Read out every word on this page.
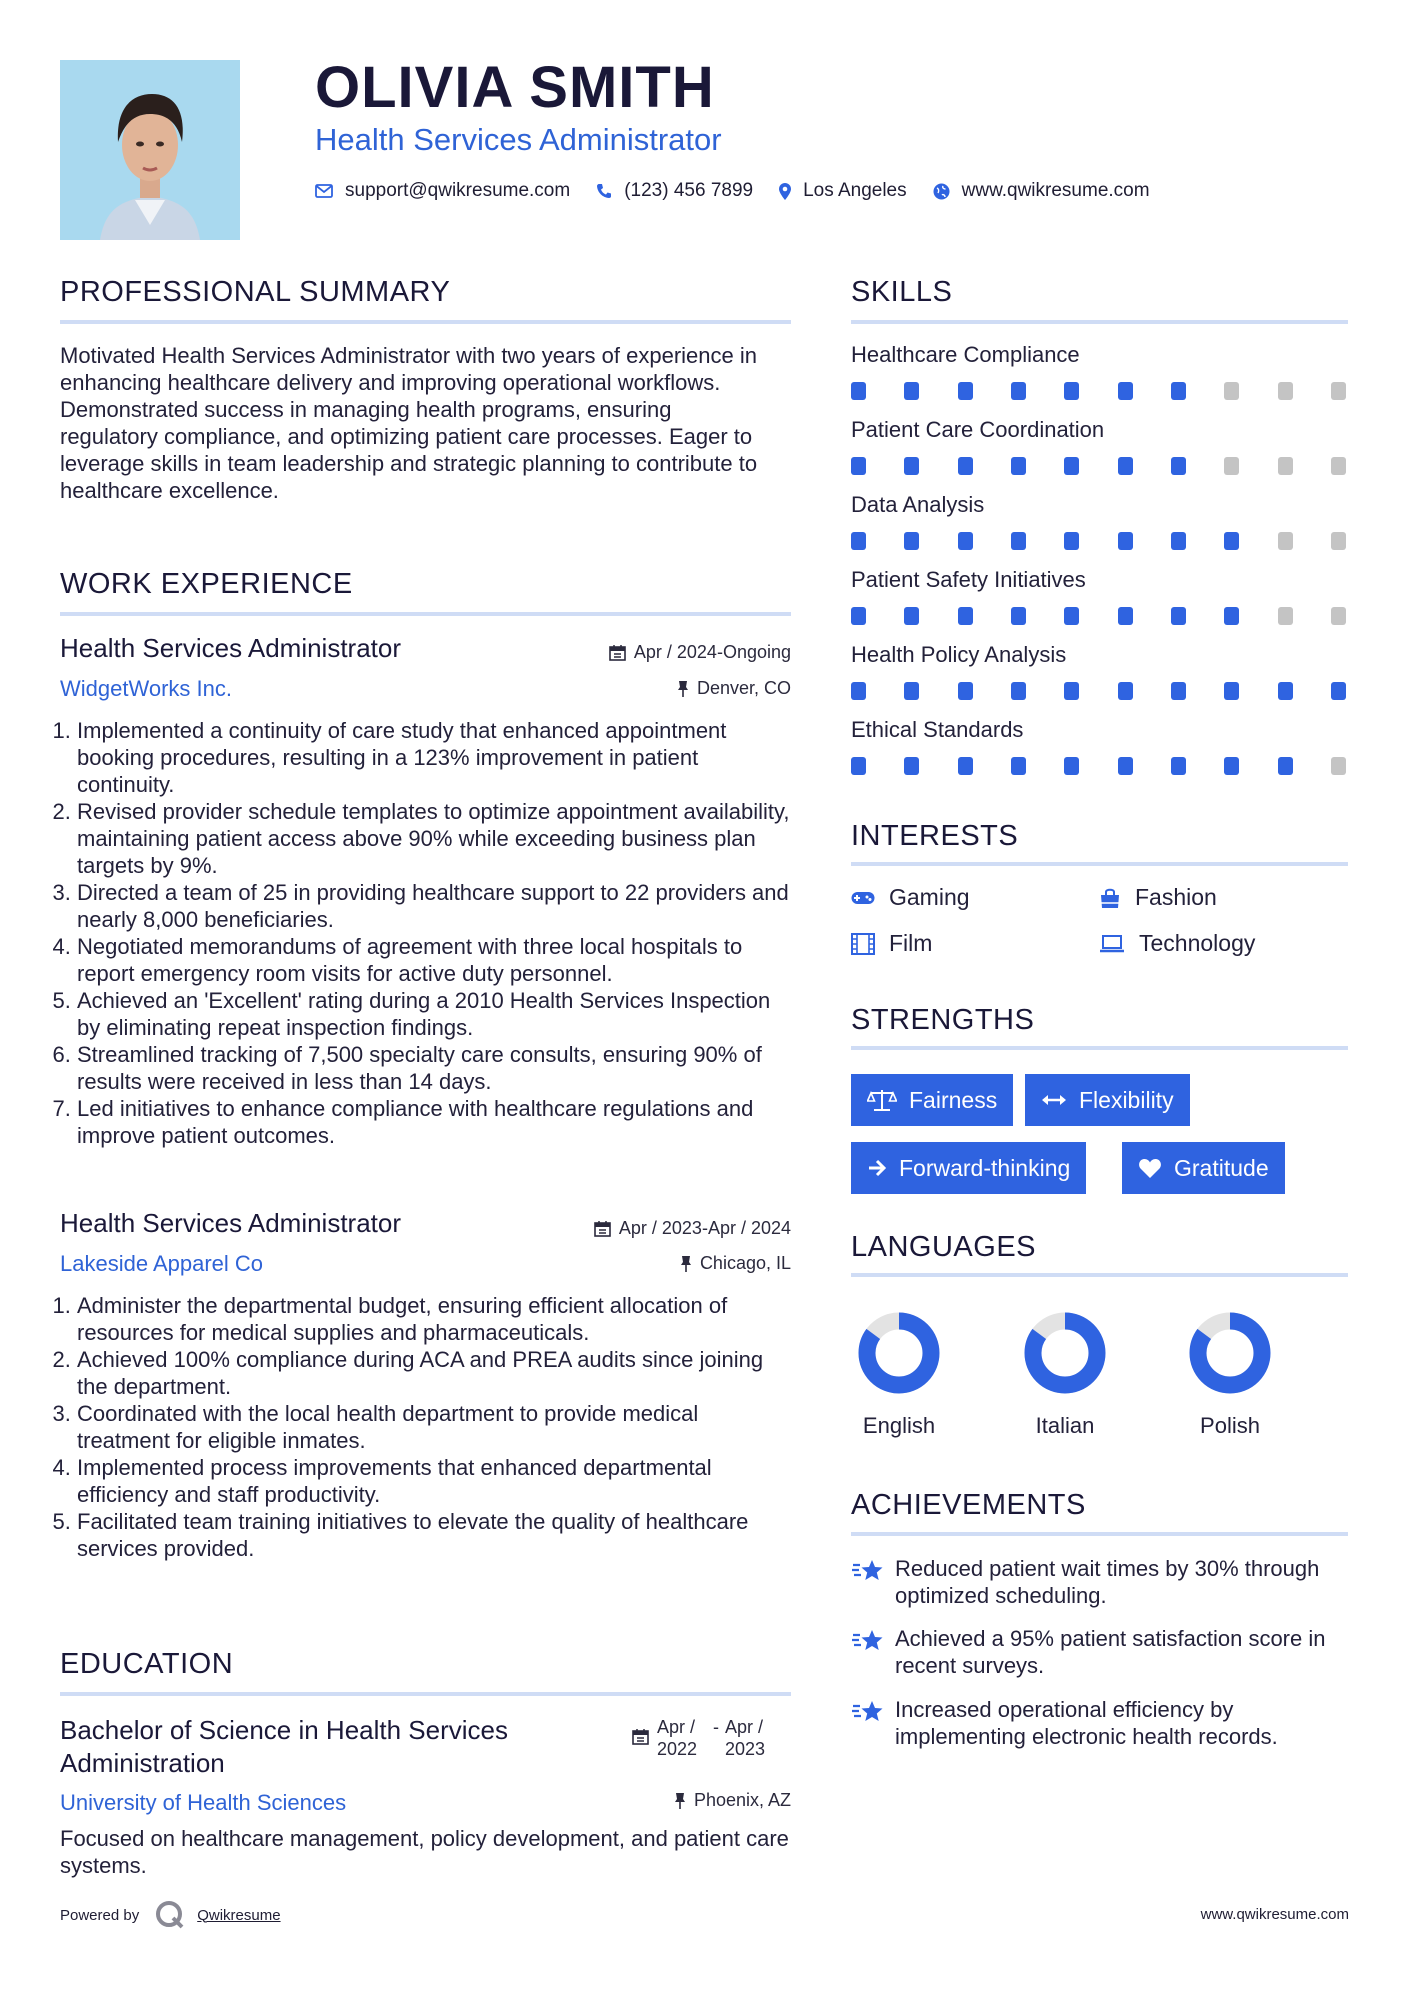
OLIVIA SMITH
Health Services Administrator
support@qwikresume.com	(123) 456 7899	Los Angeles	www.qwikresume.com
PROFESSIONAL SUMMARY
Motivated Health Services Administrator with two years of experience in enhancing healthcare delivery and improving operational workflows. Demonstrated success in managing health programs, ensuring regulatory compliance, and optimizing patient care processes. Eager to leverage skills in team leadership and strategic planning to contribute to healthcare excellence.
WORK EXPERIENCE
Health Services Administrator	Apr / 2024-Ongoing
WidgetWorks Inc.	Denver, CO
1. Implemented a continuity of care study that enhanced appointment booking procedures, resulting in a 123% improvement in patient continuity.
2. Revised provider schedule templates to optimize appointment availability, maintaining patient access above 90% while exceeding business plan targets by 9%.
3. Directed a team of 25 in providing healthcare support to 22 providers and nearly 8,000 beneficiaries.
4. Negotiated memorandums of agreement with three local hospitals to report emergency room visits for active duty personnel.
5. Achieved an 'Excellent' rating during a 2010 Health Services Inspection by eliminating repeat inspection findings.
6. Streamlined tracking of 7,500 specialty care consults, ensuring 90% of results were received in less than 14 days.
7. Led initiatives to enhance compliance with healthcare regulations and improve patient outcomes.
Health Services Administrator	Apr / 2023-Apr / 2024
Lakeside Apparel Co	Chicago, IL
1. Administer the departmental budget, ensuring efficient allocation of resources for medical supplies and pharmaceuticals.
2. Achieved 100% compliance during ACA and PREA audits since joining the department.
3. Coordinated with the local health department to provide medical treatment for eligible inmates.
4. Implemented process improvements that enhanced departmental efficiency and staff productivity.
5. Facilitated team training initiatives to elevate the quality of healthcare services provided.
EDUCATION
Bachelor of Science in Health Services Administration
Apr / 2022
- Apr / 2023
University of Health Sciences	Phoenix, AZ
Focused on healthcare management, policy development, and patient care systems.
SKILLS
Healthcare Compliance
Patient Care Coordination
Data Analysis
Patient Safety Initiatives
Health Policy Analysis
Ethical Standards
INTERESTS
Gaming	Fashion
Film	Technology
STRENGTHS
Fairness	Flexibility
Forward-thinking	Gratitude
LANGUAGES
English	Italian	Polish
ACHIEVEMENTS
Reduced patient wait times by 30% through optimized scheduling.
Achieved a 95% patient satisfaction score in recent surveys.
Increased operational efficiency by implementing electronic health records.
Powered by	Qwikresume	www.qwikresume.com
